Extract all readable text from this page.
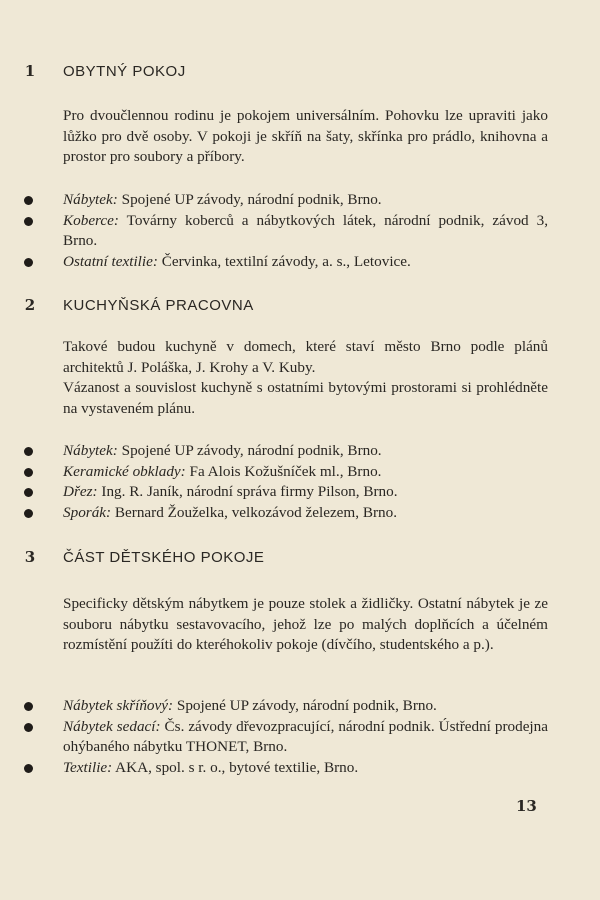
1 OBYTNÝ POKOJ

Pro dvoučlennou rodinu je pokojem universálním. Pohovku lze upraviti jako lůžko pro dvě osoby. V pokoji je skříň na šaty, skřínka pro prádlo, knihovna a prostor pro soubory a příbory.

Nábytek: Spojené UP závody, národní podnik, Brno.
Koberce: Továrny koberců a nábytkových látek, národní podnik, závod 3, Brno.
Ostatní textilie: Červinka, textilní závody, a. s., Letovice.
2 KUCHYŇSKÁ PRACOVNA

Takové budou kuchyně v domech, které staví město Brno podle plánů architektů J. Poláška, J. Krohy a V. Kuby.

Vázanost a souvislost kuchyně s ostatními bytovými prostorami si prohlédněte na vystaveném plánu.

Nábytek: Spojené UP závody, národní podnik, Brno.
Keramické obklady: Fa Alois Kožušníček ml., Brno.
Dřez: Ing. R. Janík, národní správa firmy Pilson, Brno.
Sporák: Bernard Žouželka, velkozávod železem, Brno.
3 ČÁST DĚTSKÉHO POKOJE

Specificky dětským nábytkem je pouze stolek a židličky. Ostatní nábytek je ze souboru nábytku sestavovacího, jehož lze po malých doplňcích a účelném rozmístění použíti do kteréhokoliv pokoje (dívčího, studentského a p.).

Nábytek skříňový: Spojené UP závody, národní podnik, Brno.
Nábytek sedací: Čs. závody dřevozpracující, národní podnik. Ústřední prodejna ohýbaného nábytku THONET, Brno.
Textilie: AKA, spol. s r. o., bytové textilie, Brno.
13
